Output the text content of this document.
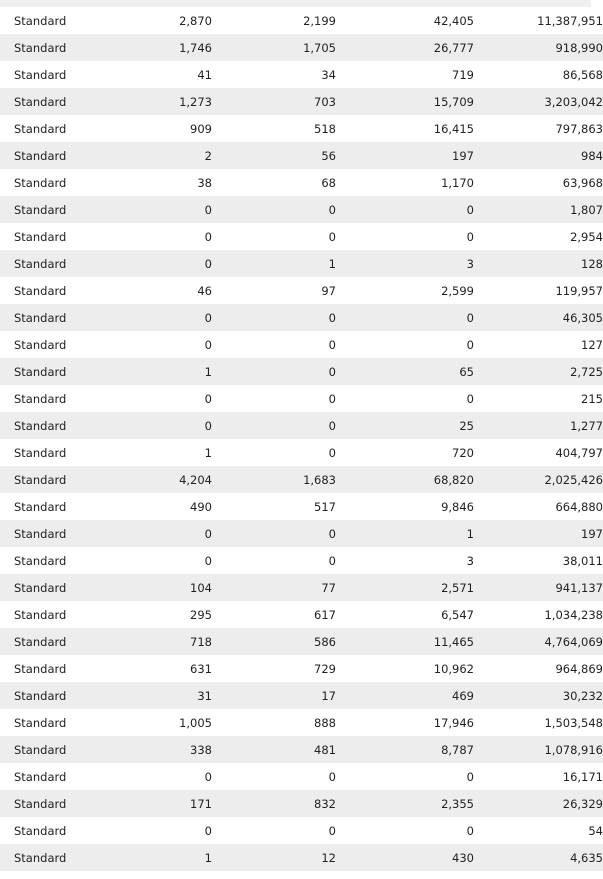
Standard	2,870	2,199	42,405	11,387,951
Standard	1,746	1,705	26,777	918,990
Standard	41	34	719	86,568
Standard	1,273	703	15,709	3,203,042
Standard	909	518	16,415	797,863
Standard	2	56	197	984
Standard	38	68	1,170	63,968
Standard	0	0	0	1,807
Standard	0	0	0	2,954
Standard	0	1	3	128
Standard	46	97	2,599	119,957
Standard	0	0	0	46,305
Standard	0	0	0	127
Standard	1	0	65	2,725
Standard	0	0	0	215
Standard	0	0	25	1,277
Standard	1	0	720	404,797
Standard	4,204	1,683	68,820	2,025,426
Standard	490	517	9,846	664,880
Standard	0	0	1	197
Standard	0	0	3	38,011
Standard	104	77	2,571	941,137
Standard	295	617	6,547	1,034,238
Standard	718	586	11,465	4,764,069
Standard	631	729	10,962	964,869
Standard	31	17	469	30,232
Standard	1,005	888	17,946	1,503,548
Standard	338	481	8,787	1,078,916
Standard	0	0	0	16,171
Standard	171	832	2,355	26,329
Standard	0	0	0	54
Standard	1	12	430	4,635
